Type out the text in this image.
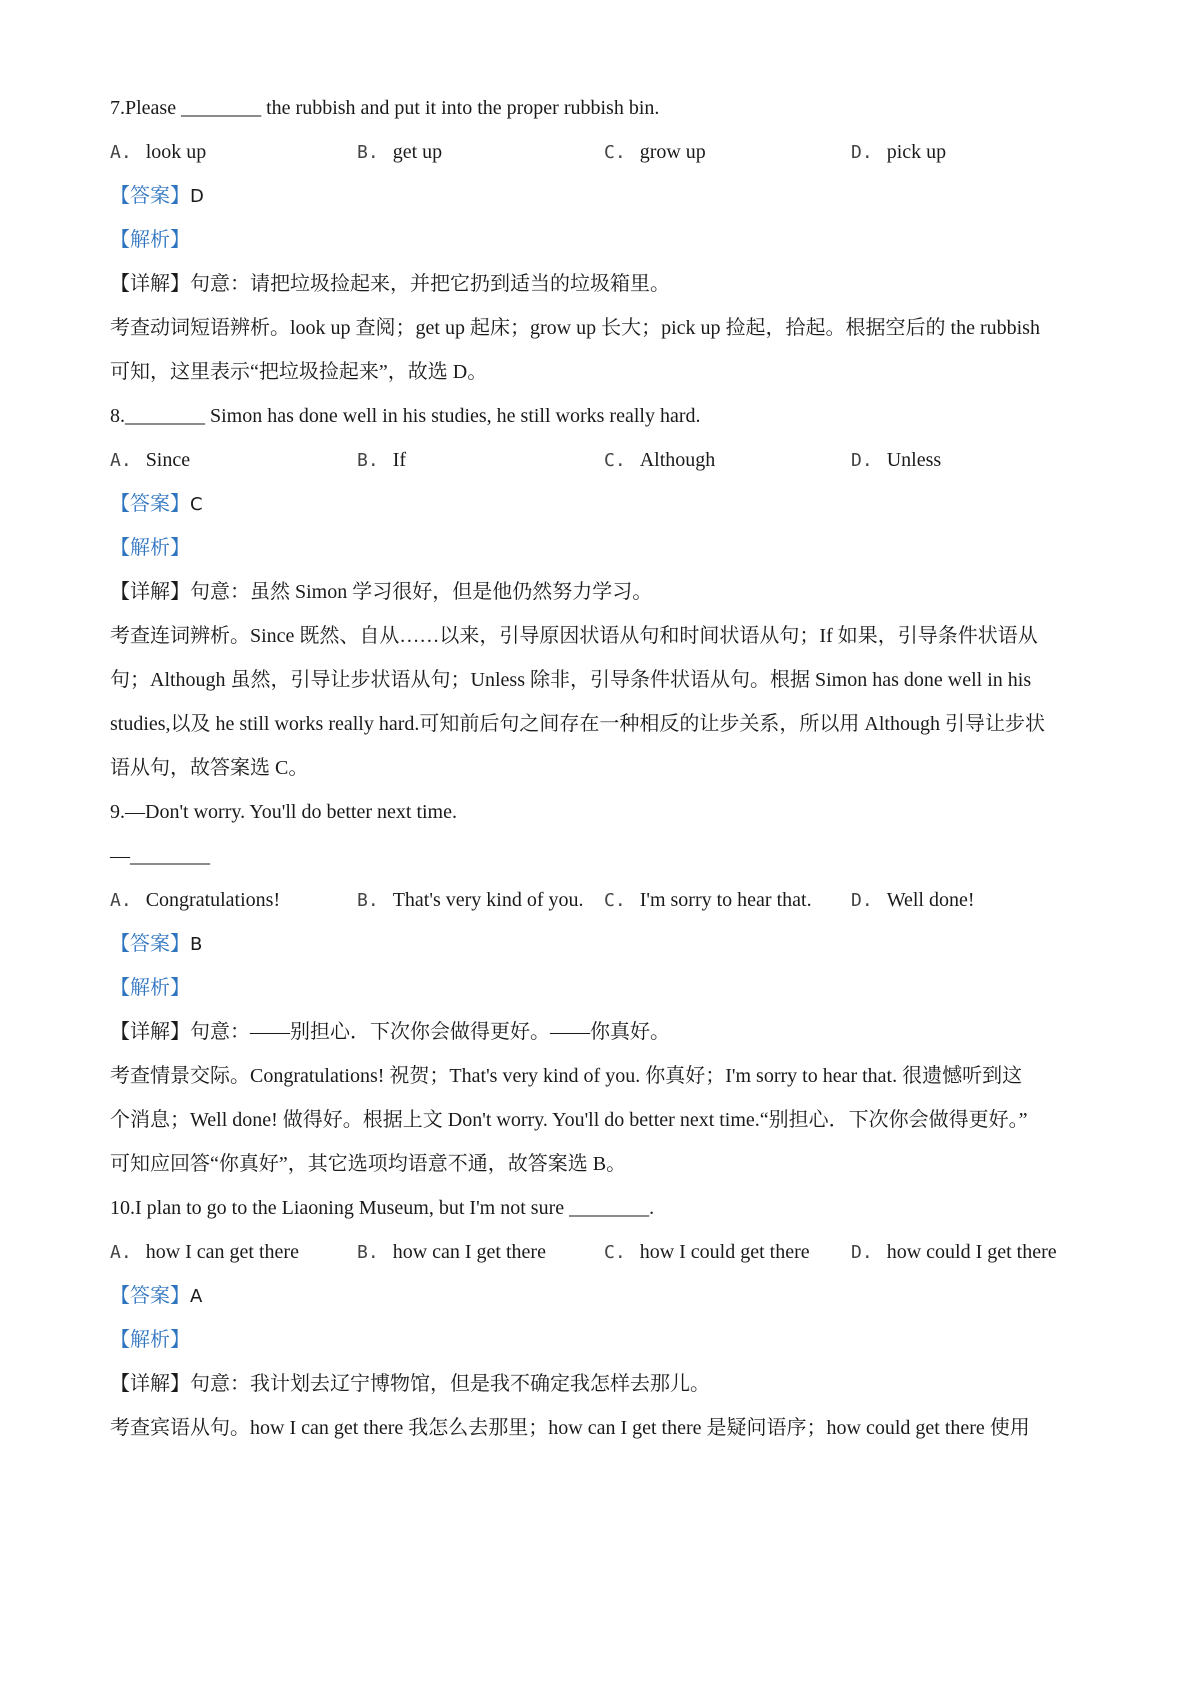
7.Please ________ the rubbish and put it into the proper rubbish bin.
A. look up	B. get up	C. grow up	D. pick up
【答案】D
【解析】
【详解】句意：请把垃圾捡起来，并把它扔到适当的垃圾箱里。
考查动词短语辨析。look up 查阅；get up 起床；grow up 长大；pick up 捡起，拾起。根据空后的 the rubbish
可知，这里表示“把垃圾捡起来”，故选 D。
8.________ Simon has done well in his studies, he still works really hard.
A. Since	B. If	C. Although	D. Unless
【答案】C
【解析】
【详解】句意：虽然 Simon 学习很好，但是他仍然努力学习。
考查连词辨析。Since 既然、自从……以来，引导原因状语从句和时间状语从句；If 如果，引导条件状语从
句；Although 虽然，引导让步状语从句；Unless 除非，引导条件状语从句。根据 Simon has done well in his
studies,以及 he still works really hard.可知前后句之间存在一种相反的让步关系，所以用 Although 引导让步状
语从句，故答案选 C。
9.—Don't worry. You'll do better next time.
—________
A. Congratulations!	B. That's very kind of you. C. I'm sorry to hear that. D. Well done!
【答案】B
【解析】
【详解】句意：——别担心．下次你会做得更好。——你真好。
考查情景交际。Congratulations! 祝贺；That's very kind of you. 你真好；I'm sorry to hear that. 很遗憾听到这
个消息；Well done! 做得好。根据上文 Don't worry. You'll do better next time.“别担心．下次你会做得更好。”
可知应回答“你真好”，其它选项均语意不通，故答案选 B。
10.I plan to go to the Liaoning Museum, but I'm not sure ________.
A. how I can get there	B. how can I get there	C. how I could get there D. how could I get there
【答案】A
【解析】
【详解】句意：我计划去辽宁博物馆，但是我不确定我怎样去那儿。
考查宾语从句。how I can get there 我怎么去那里；how can I get there 是疑问语序；how could get there 使用
